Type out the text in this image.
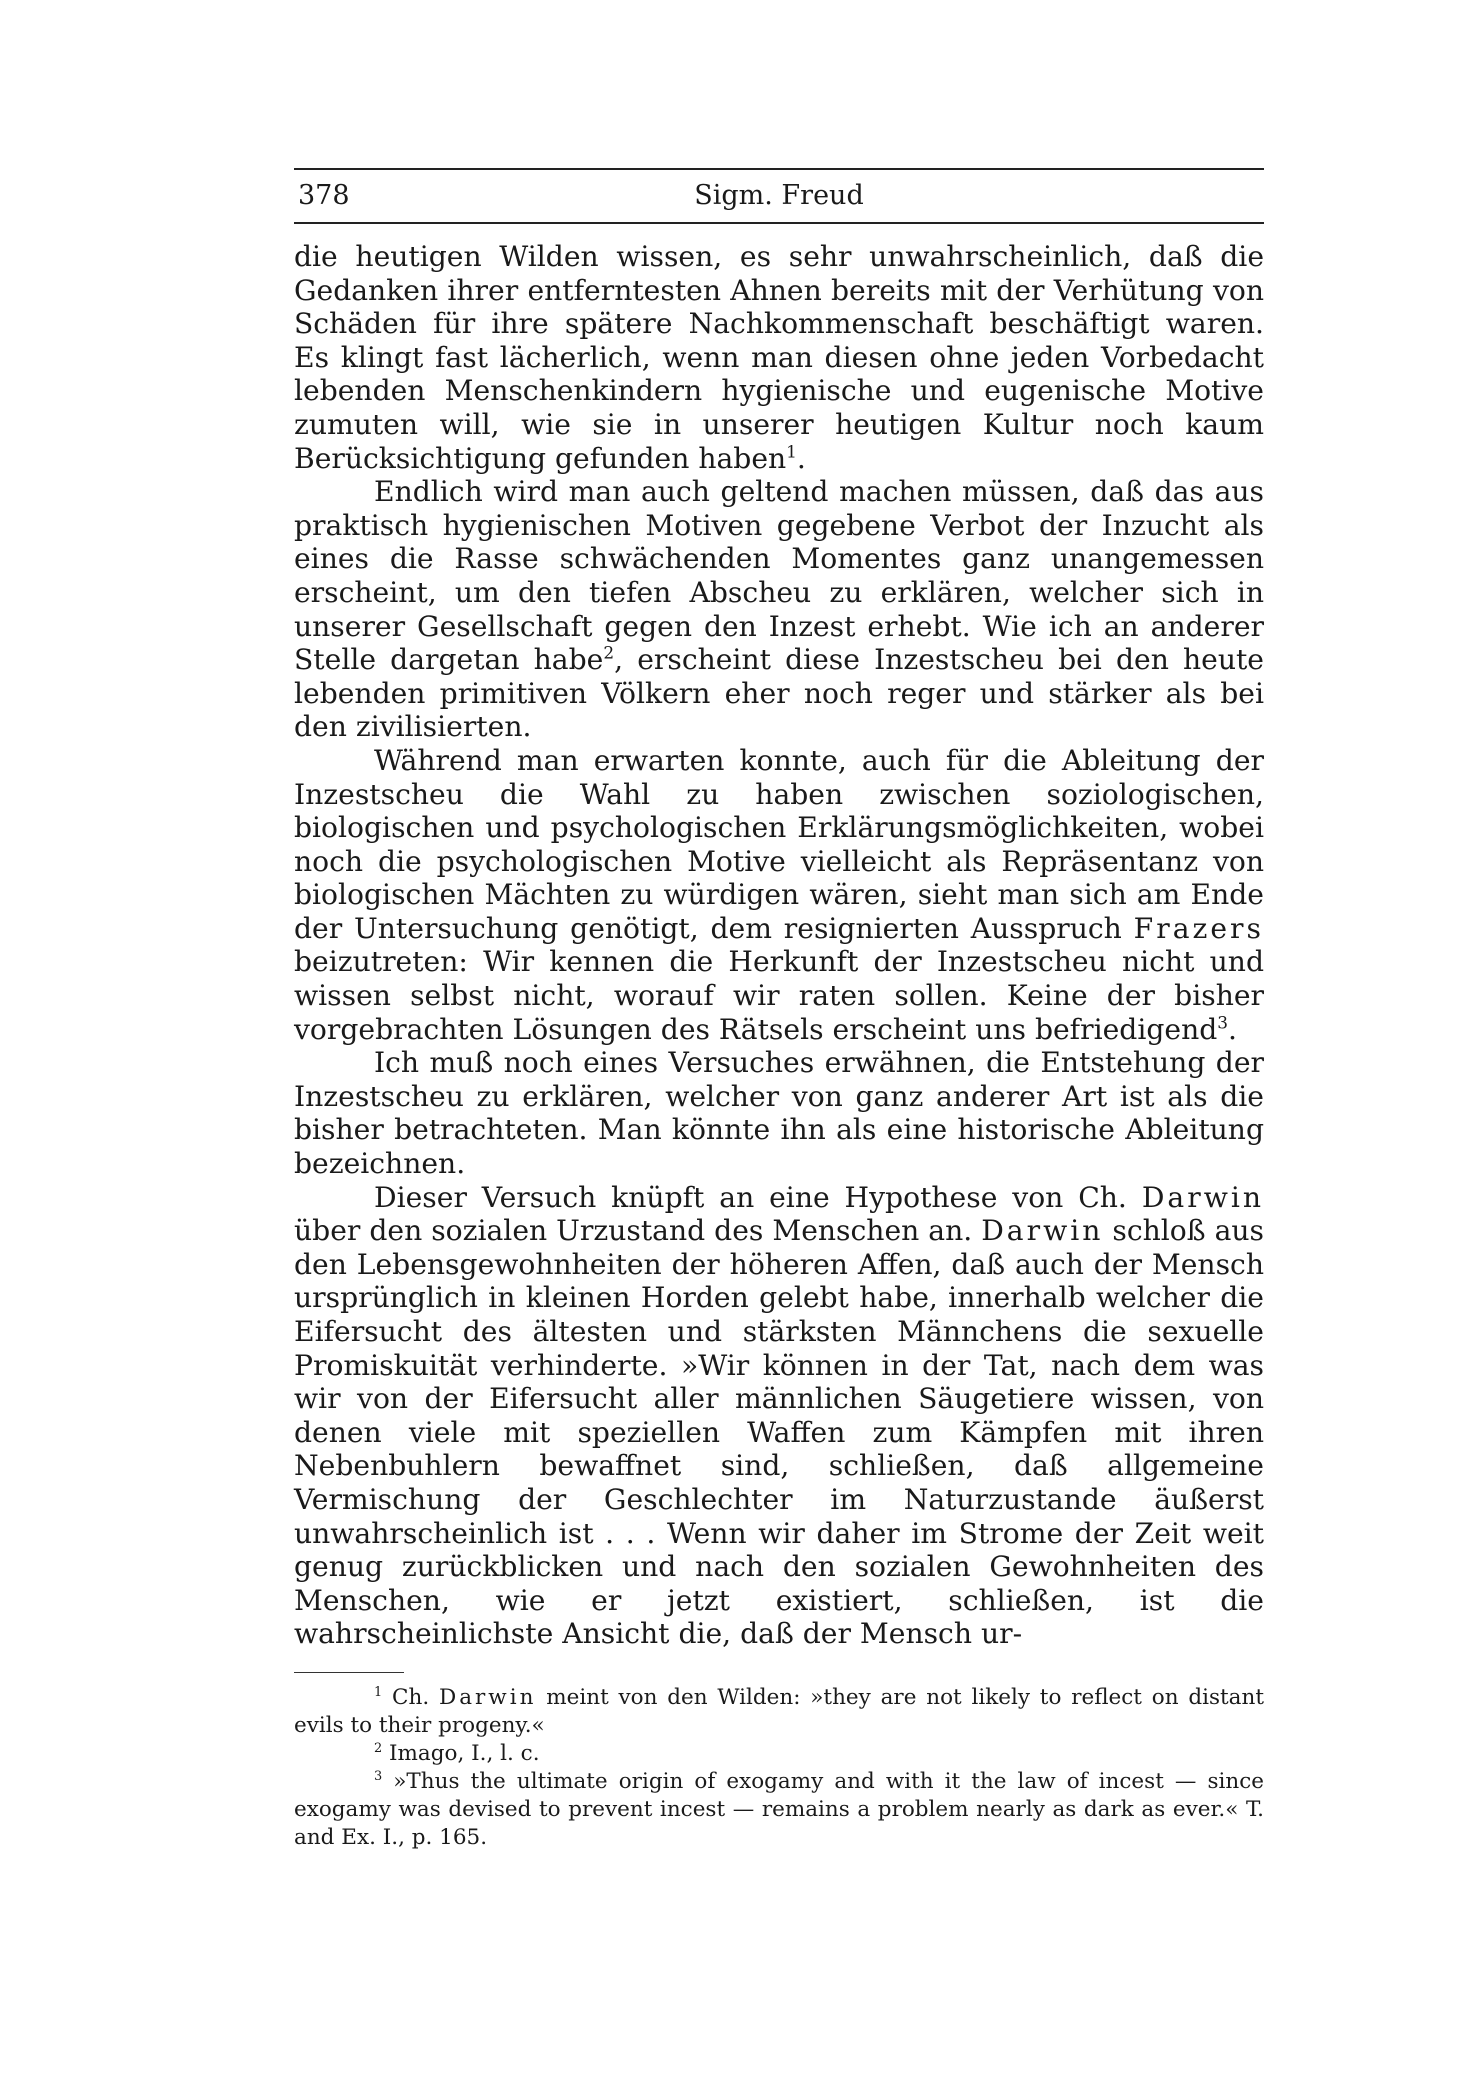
378	Sigm. Freud

die heutigen Wilden wissen, es sehr unwahrscheinlich, daß die Gedanken ihrer entferntesten Ahnen bereits mit der Verhütung von Schäden für ihre spätere Nachkommenschaft beschäftigt waren. Es klingt fast lächerlich, wenn man diesen ohne jeden Vorbedacht lebenden Menschenkindern hygienische und eugenische Motive zumuten will, wie sie in unserer heutigen Kultur noch kaum Berücksichtigung gefunden haben$^1$.

Endlich wird man auch geltend machen müssen, daß das aus praktisch hygienischen Motiven gegebene Verbot der Inzucht als eines die Rasse schwächenden Momentes ganz unangemessen erscheint, um den tiefen Abscheu zu erklären, welcher sich in unserer Gesellschaft gegen den Inzest erhebt. Wie ich an anderer Stelle dargetan habe$^2$, erscheint diese Inzestscheu bei den heute lebenden primitiven Völkern eher noch reger und stärker als bei den zivilisierten.

Während man erwarten konnte, auch für die Ableitung der Inzestscheu die Wahl zu haben zwischen soziologischen, biologischen und psychologischen Erklärungsmöglichkeiten, wobei noch die psychologischen Motive vielleicht als Repräsentanz von biologischen Mächten zu würdigen wären, sieht man sich am Ende der Untersuchung genötigt, dem resignierten Ausspruch Frazers beizutreten: Wir kennen die Herkunft der Inzestscheu nicht und wissen selbst nicht, worauf wir raten sollen. Keine der bisher vorgebrachten Lösungen des Rätsels erscheint uns befriedigend$^3$.

Ich muß noch eines Versuches erwähnen, die Entstehung der Inzestscheu zu erklären, welcher von ganz anderer Art ist als die bisher betrachteten. Man könnte ihn als eine historische Ableitung bezeichnen.

Dieser Versuch knüpft an eine Hypothese von Ch. Darwin über den sozialen Urzustand des Menschen an. Darwin schloß aus den Lebensgewohnheiten der höheren Affen, daß auch der Mensch ursprünglich in kleinen Horden gelebt habe, innerhalb welcher die Eifersucht des ältesten und stärksten Männchens die sexuelle Promiskuität verhinderte. »Wir können in der Tat, nach dem was wir von der Eifersucht aller männlichen Säugetiere wissen, von denen viele mit speziellen Waffen zum Kämpfen mit ihren Nebenbuhlern bewaffnet sind, schließen, daß allgemeine Vermischung der Geschlechter im Naturzustande äußerst unwahrscheinlich ist . . . Wenn wir daher im Strome der Zeit weit genug zurückblicken und nach den sozialen Gewohnheiten des Menschen, wie er jetzt existiert, schließen, ist die wahrscheinlichste Ansicht die, daß der Mensch ur-

$^1$ Ch. Darwin meint von den Wilden: »they are not likely to reflect on distant evils to their progeny.«

$^2$ Imago, I., l. c.

$^3$ »Thus the ultimate origin of exogamy and with it the law of incest — since exogamy was devised to prevent incest — remains a problem nearly as dark as ever.« T. and Ex. I., p. 165.
